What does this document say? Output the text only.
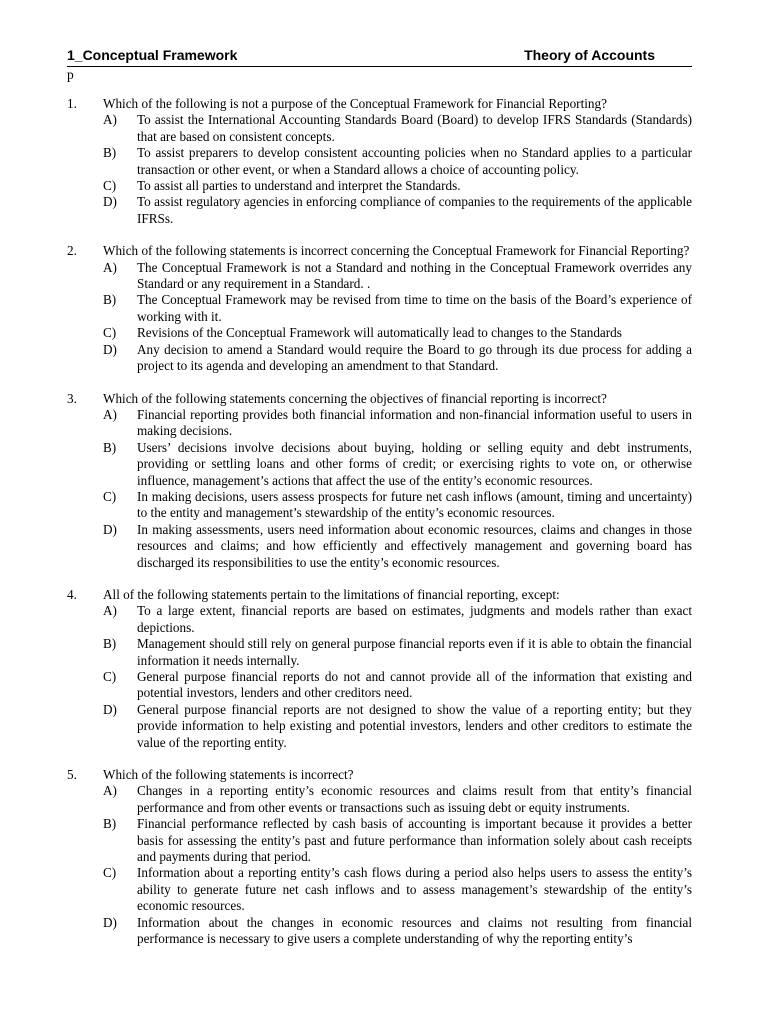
1_Conceptual Framework	Theory of Accounts
p
1.	Which of the following is not a purpose of the Conceptual Framework for Financial Reporting?
A)	To assist the International Accounting Standards Board (Board) to develop IFRS Standards (Standards) that are based on consistent concepts.
B)	To assist preparers to develop consistent accounting policies when no Standard applies to a particular transaction or other event, or when a Standard allows a choice of accounting policy.
C)	To assist all parties to understand and interpret the Standards.
D)	To assist regulatory agencies in enforcing compliance of companies to the requirements of the applicable IFRSs.
2.	Which of the following statements is incorrect concerning the Conceptual Framework for Financial Reporting?
A)	The Conceptual Framework is not a Standard and nothing in the Conceptual Framework overrides any Standard or any requirement in a Standard. .
B)	The Conceptual Framework may be revised from time to time on the basis of the Board’s experience of working with it.
C)	Revisions of the Conceptual Framework will automatically lead to changes to the Standards
D)	Any decision to amend a Standard would require the Board to go through its due process for adding a project to its agenda and developing an amendment to that Standard.
3.	Which of the following statements concerning the objectives of financial reporting is incorrect?
A)	Financial reporting provides both financial information and non-financial information useful to users in making decisions.
B)	Users’ decisions involve decisions about buying, holding or selling equity and debt instruments, providing or settling loans and other forms of credit; or exercising rights to vote on, or otherwise influence, management’s actions that affect the use of the entity’s economic resources.
C)	In making decisions, users assess prospects for future net cash inflows (amount, timing and uncertainty) to the entity and management’s stewardship of the entity’s economic resources.
D)	In making assessments, users need information about economic resources, claims and changes in those resources and claims; and how efficiently and effectively management and governing board has discharged its responsibilities to use the entity’s economic resources.
4.	All of the following statements pertain to the limitations of financial reporting, except:
A)	To a large extent, financial reports are based on estimates, judgments and models rather than exact depictions.
B)	Management should still rely on general purpose financial reports even if it is able to obtain the financial information it needs internally.
C)	General purpose financial reports do not and cannot provide all of the information that existing and potential investors, lenders and other creditors need.
D)	General purpose financial reports are not designed to show the value of a reporting entity; but they provide information to help existing and potential investors, lenders and other creditors to estimate the value of the reporting entity.
5.	Which of the following statements is incorrect?
A)	Changes in a reporting entity’s economic resources and claims result from that entity’s financial performance and from other events or transactions such as issuing debt or equity instruments.
B)	Financial performance reflected by cash basis of accounting is important because it provides a better basis for assessing the entity’s past and future performance than information solely about cash receipts and payments during that period.
C)	Information about a reporting entity’s cash flows during a period also helps users to assess the entity’s ability to generate future net cash inflows and to assess management’s stewardship of the entity’s economic resources.
D)	Information about the changes in economic resources and claims not resulting from financial performance is necessary to give users a complete understanding of why the reporting entity’s
